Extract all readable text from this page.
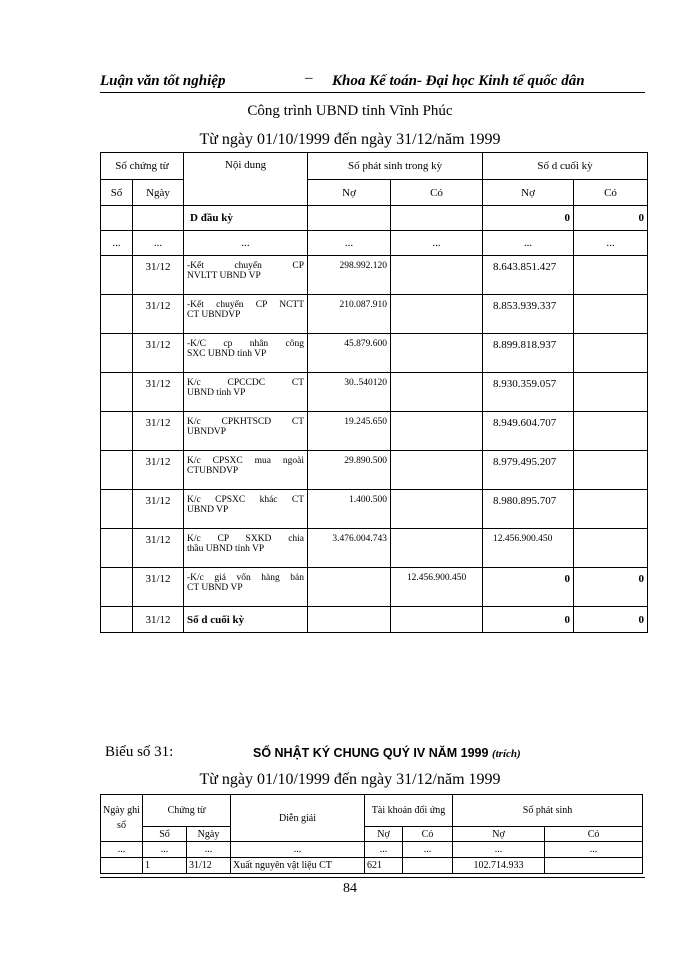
Luận văn tốt nghiệp	– Khoa Kế toán- Đại học Kinh tế quốc dân
Công trình UBND tỉnh Vĩnh Phúc
Từ ngày 01/10/1999 đến ngày 31/12/năm 1999
Số chứng từ		Nội dung	Số phát sinh trong kỳ		Số d cuối kỳ	
Số	Ngày		Nợ	Có	Nợ	Có
		D đầu kỳ			0	0
...	...	...	...	...	...	...
	31/12	-Kết chuyển CP
NVLTT UBND VP	298.992.120		8.643.851.427	
	31/12	-Kết chuyển CP NCTT
CT UBNDVP	210.087.910		8.853.939.337	
	31/12	-K/C cp nhân công
SXC UBND tỉnh VP	45.879.600		8.899.818.937	
	31/12	K/c CPCCDC CT
UBND tỉnh VP	30..540120		8.930.359.057	
	31/12	K/c CPKHTSCD CT
UBNDVP	19.245.650		8.949.604.707	
	31/12	K/c CPSXC mua ngoài
CTUBNDVP	29.890.500		8.979.495.207	
	31/12	K/c CPSXC khác CT
UBND VP	1.400.500		8.980.895.707	
	31/12	K/c CP SXKD chia
thầu UBND tỉnh VP	3.476.004.743		12.456.900.450	
	31/12	-K/c giá vốn hàng bán
CT UBND VP		12.456.900.450	0	0
	31/12	Số d cuối kỳ			0	0
Biểu số 31:	SỔ NHẬT KÝ CHUNG QUÝ IV NĂM 1999 (trích)
Từ ngày 01/10/1999 đến ngày 31/12/năm 1999
Ngày ghi sổ	Chứng từ		Diễn giải	Tài khoản đối ứng		Số phát sinh	
	Số	Ngày		Nợ	Có	Nợ	Có
...	...	...	...	...	...	...	...
	1	31/12	Xuất nguyên vật liệu CT	621		102.714.933	
84
